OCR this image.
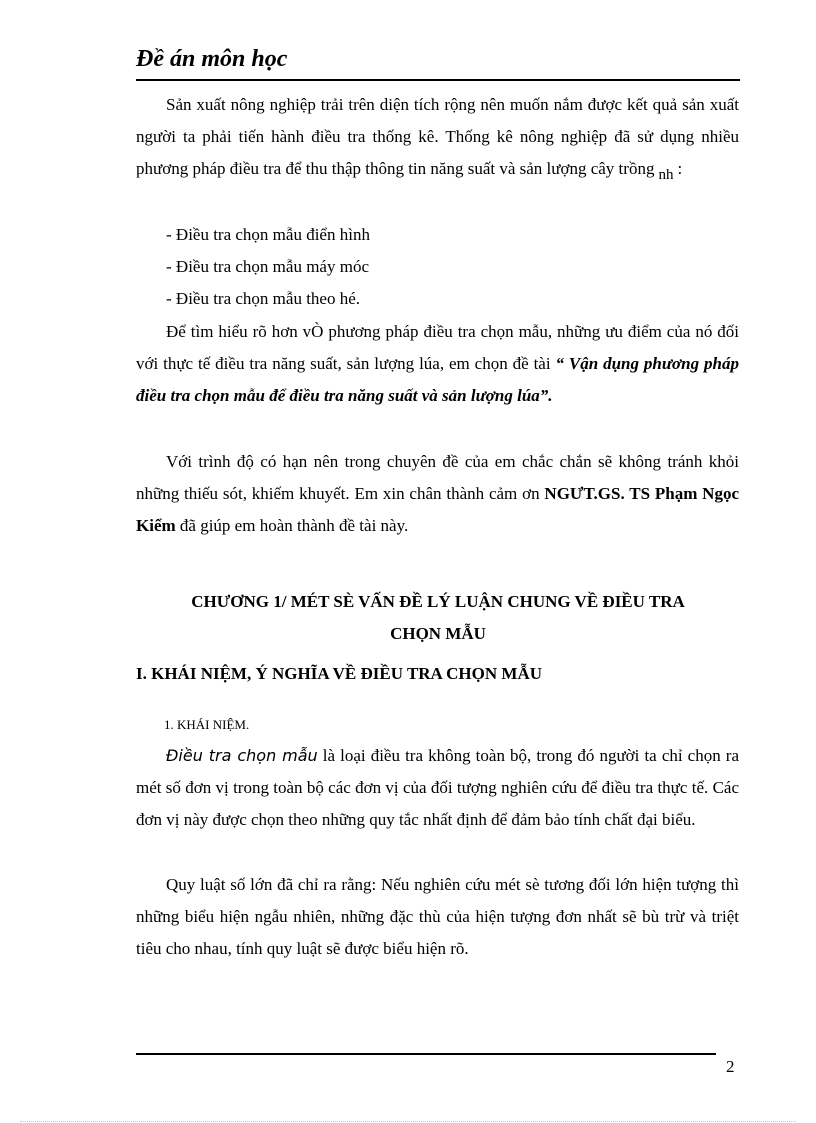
Đề án môn học
Sản xuất nông nghiệp trải trên diện tích rộng nên muốn nắm được kết quả sản xuất người ta phải tiến hành điều tra thống kê. Thống kê nông nghiệp đã sử dụng nhiều phương pháp điều tra để thu thập thông tin năng suất và sản lượng cây trồng nh :
- Điều tra chọn mẫu điển hình
- Điều tra chọn mẫu máy móc
- Điều tra chọn mẫu theo hé.
Để tìm hiểu rõ hơn vÒ phương pháp điều tra chọn mẫu, những ưu điểm của nó đối với thực tế điều tra năng suất, sản lượng lúa, em chọn đề tài “ Vận dụng phương pháp điều tra chọn mẫu để điều tra năng suất và sản lượng lúa”.
Với trình độ có hạn nên trong chuyên đề của em chắc chắn sẽ không tránh khỏi những thiếu sót, khiếm khuyết. Em xin chân thành cảm ơn NGƯT.GS. TS Phạm Ngọc Kiểm đã giúp em hoàn thành đề tài này.
CHƯƠNG 1/ MÉT SÈ VẤN ĐỀ LÝ LUẬN CHUNG VỀ ĐIỀU TRA
CHỌN MẪU
I. KHÁI NIỆM, Ý NGHĨA VỀ ĐIỀU TRA CHỌN MẪU
1. KHÁI NIỆM.
Điều tra chọn mẫu là loại điều tra không toàn bộ, trong đó người ta chỉ chọn ra mét số đơn vị trong toàn bộ các đơn vị của đối tượng nghiên cứu để điều tra thực tế. Các đơn vị này được chọn theo những quy tắc nhất định để đảm bảo tính chất đại biểu.
Quy luật số lớn đã chỉ ra rằng: Nếu nghiên cứu mét sè tương đối lớn hiện tượng thì những biểu hiện ngẫu nhiên, những đặc thù của hiện tượng đơn nhất sẽ bù trừ và triệt tiêu cho nhau, tính quy luật sẽ được biểu hiện rõ.
2
